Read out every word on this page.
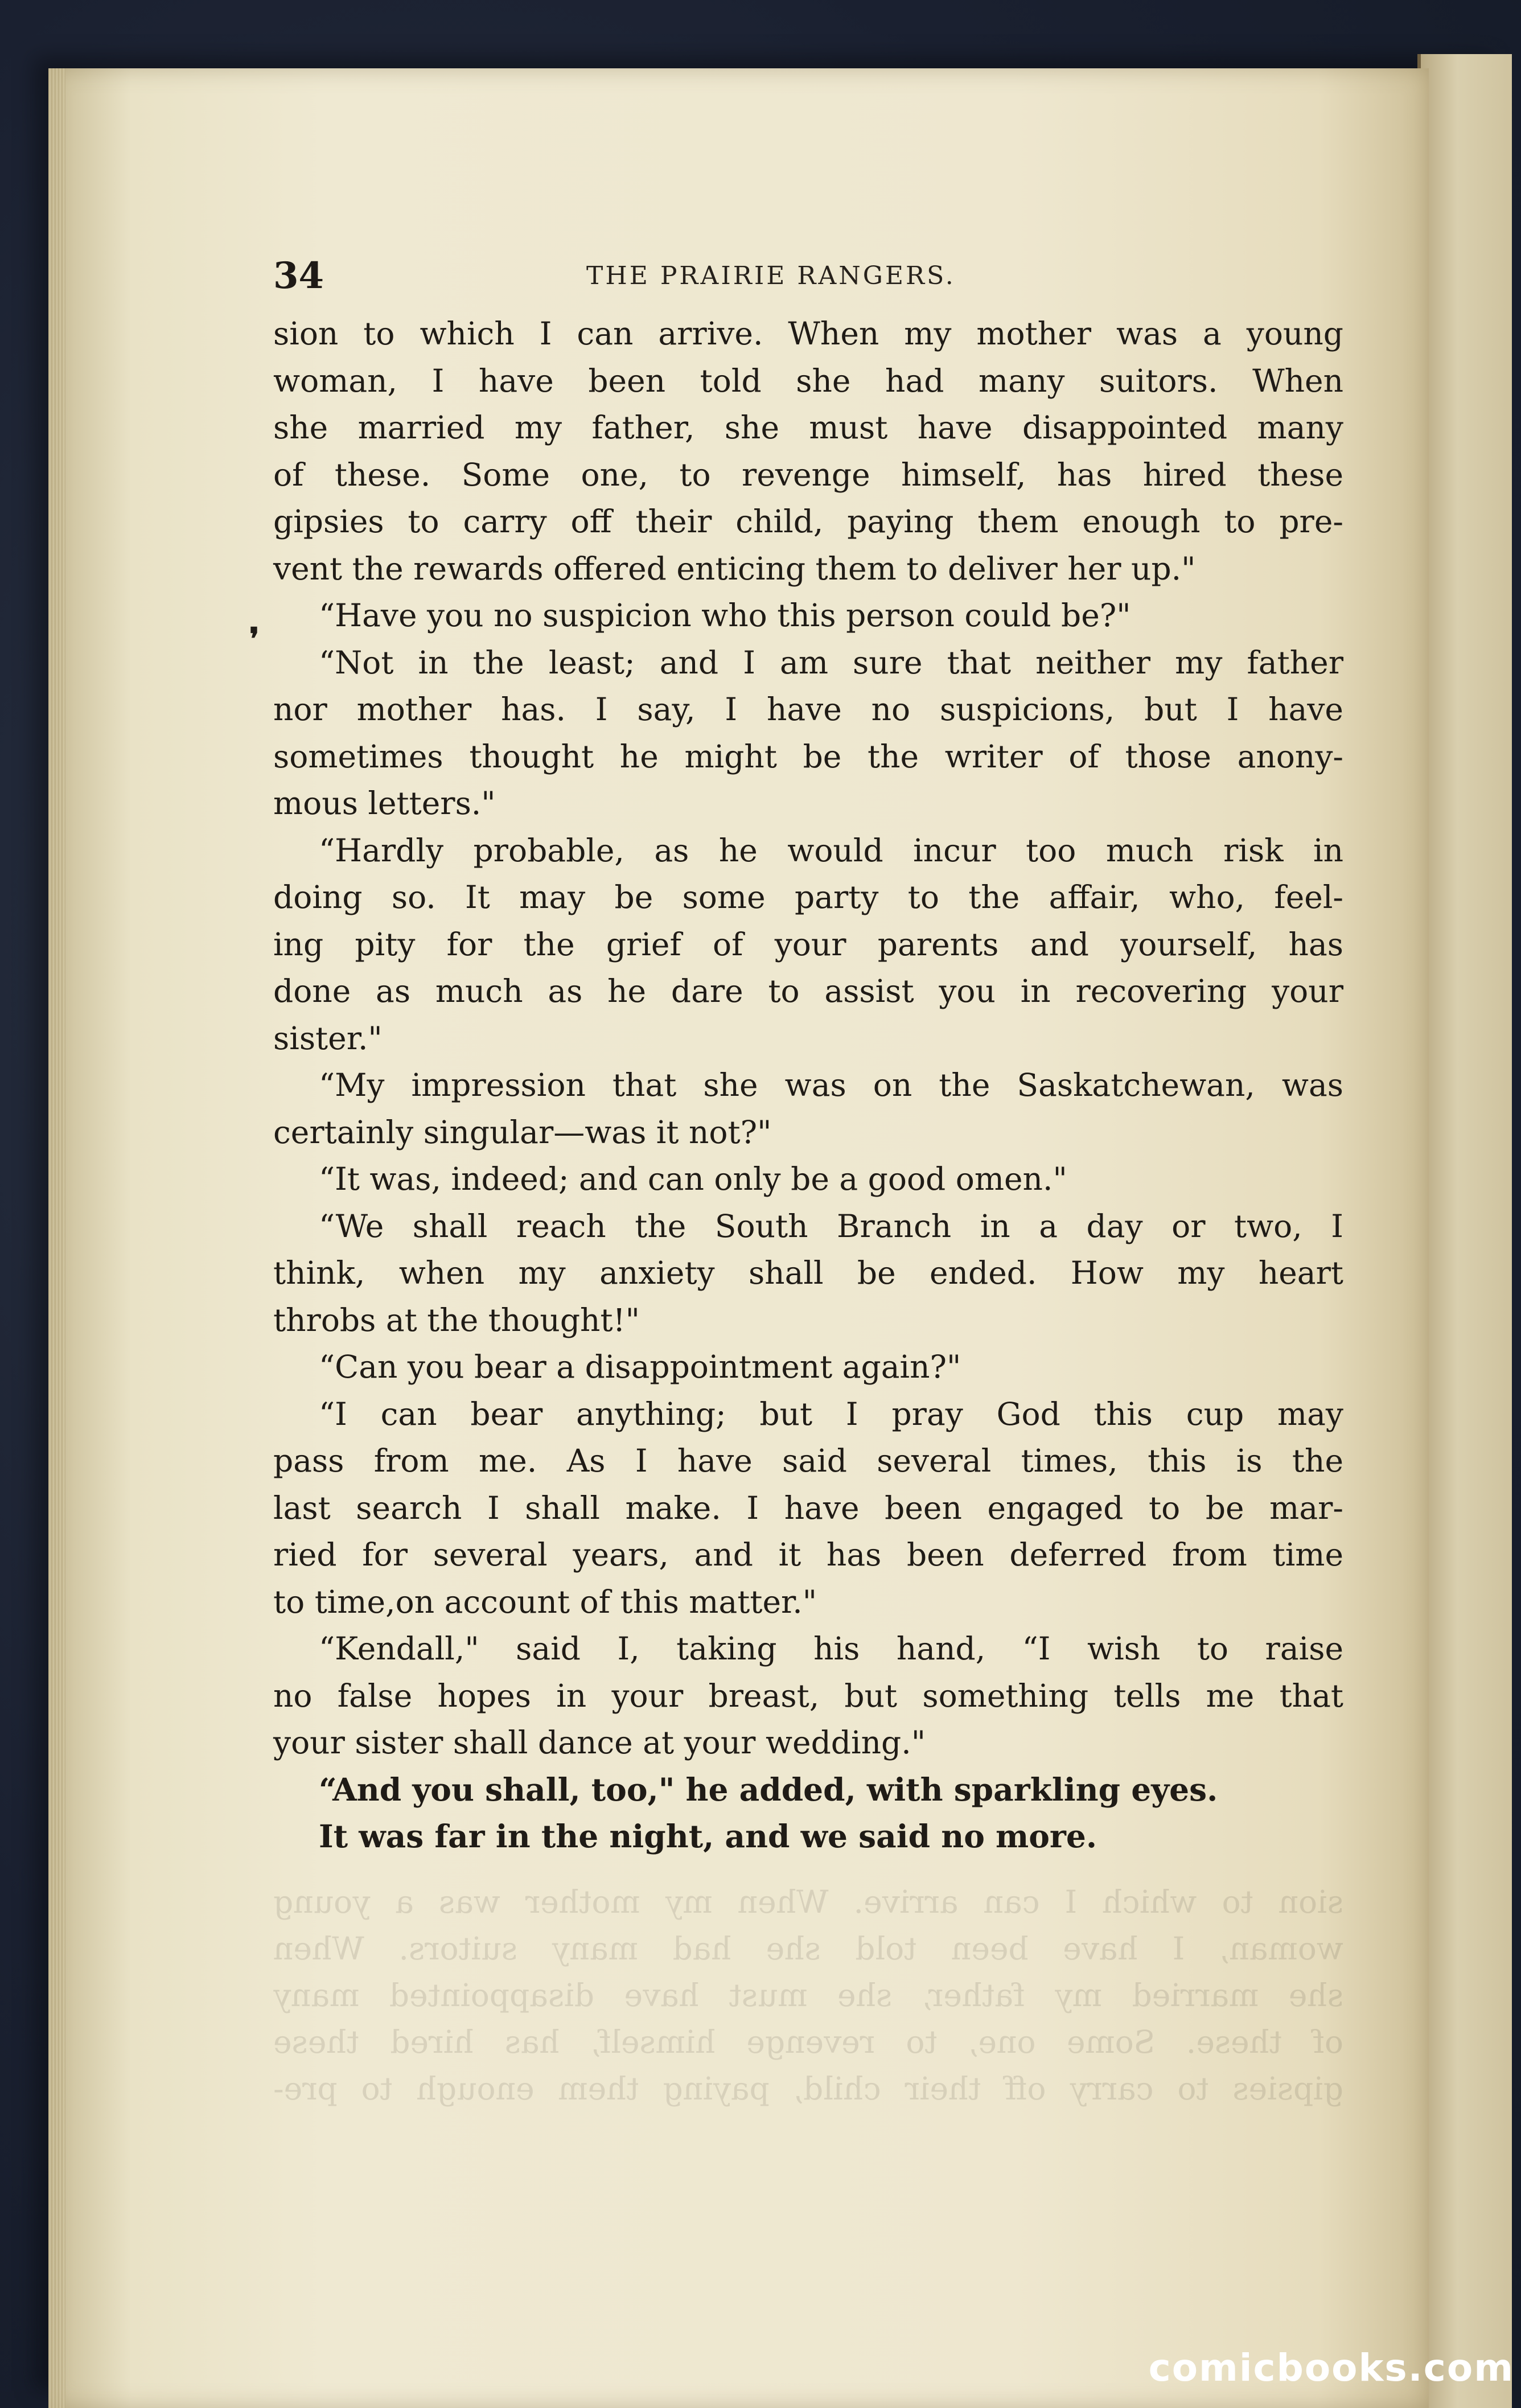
sion to which I can arrive. When my mother was a young
woman, I have been told she had many suitors. When
she married my father, she must have disappointed many
of these. Some one, to revenge himself, has hired these
gipsies to carry off their child, paying them enough to pre-
34	THE PRAIRIE RANGERS.
❜
sion to which I can arrive. When my mother was a young
woman, I have been told she had many suitors. When
she married my father, she must have disappointed many
of these. Some one, to revenge himself, has hired these
gipsies to carry off their child, paying them enough to pre-
vent the rewards offered enticing them to deliver her up."
“Have you no suspicion who this person could be?"
“Not in the least; and I am sure that neither my father
nor mother has. I say, I have no suspicions, but I have
sometimes thought he might be the writer of those anony-
mous letters."
“Hardly probable, as he would incur too much risk in
doing so. It may be some party to the affair, who, feel-
ing pity for the grief of your parents and yourself, has
done as much as he dare to assist you in recovering your
sister."
“My impression that she was on the Saskatchewan, was
certainly singular—was it not?"
“It was, indeed; and can only be a good omen."
“We shall reach the South Branch in a day or two, I
think, when my anxiety shall be ended. How my heart
throbs at the thought!"
“Can you bear a disappointment again?"
“I can bear anything; but I pray God this cup may
pass from me. As I have said several times, this is the
last search I shall make. I have been engaged to be mar-
ried for several years, and it has been deferred from time
to time,on account of this matter."
“Kendall," said I, taking his hand, “I wish to raise
no false hopes in your breast, but something tells me that
your sister shall dance at your wedding."
“And you shall, too," he added, with sparkling eyes.
It was far in the night, and we said no more.
comicbooks.com
